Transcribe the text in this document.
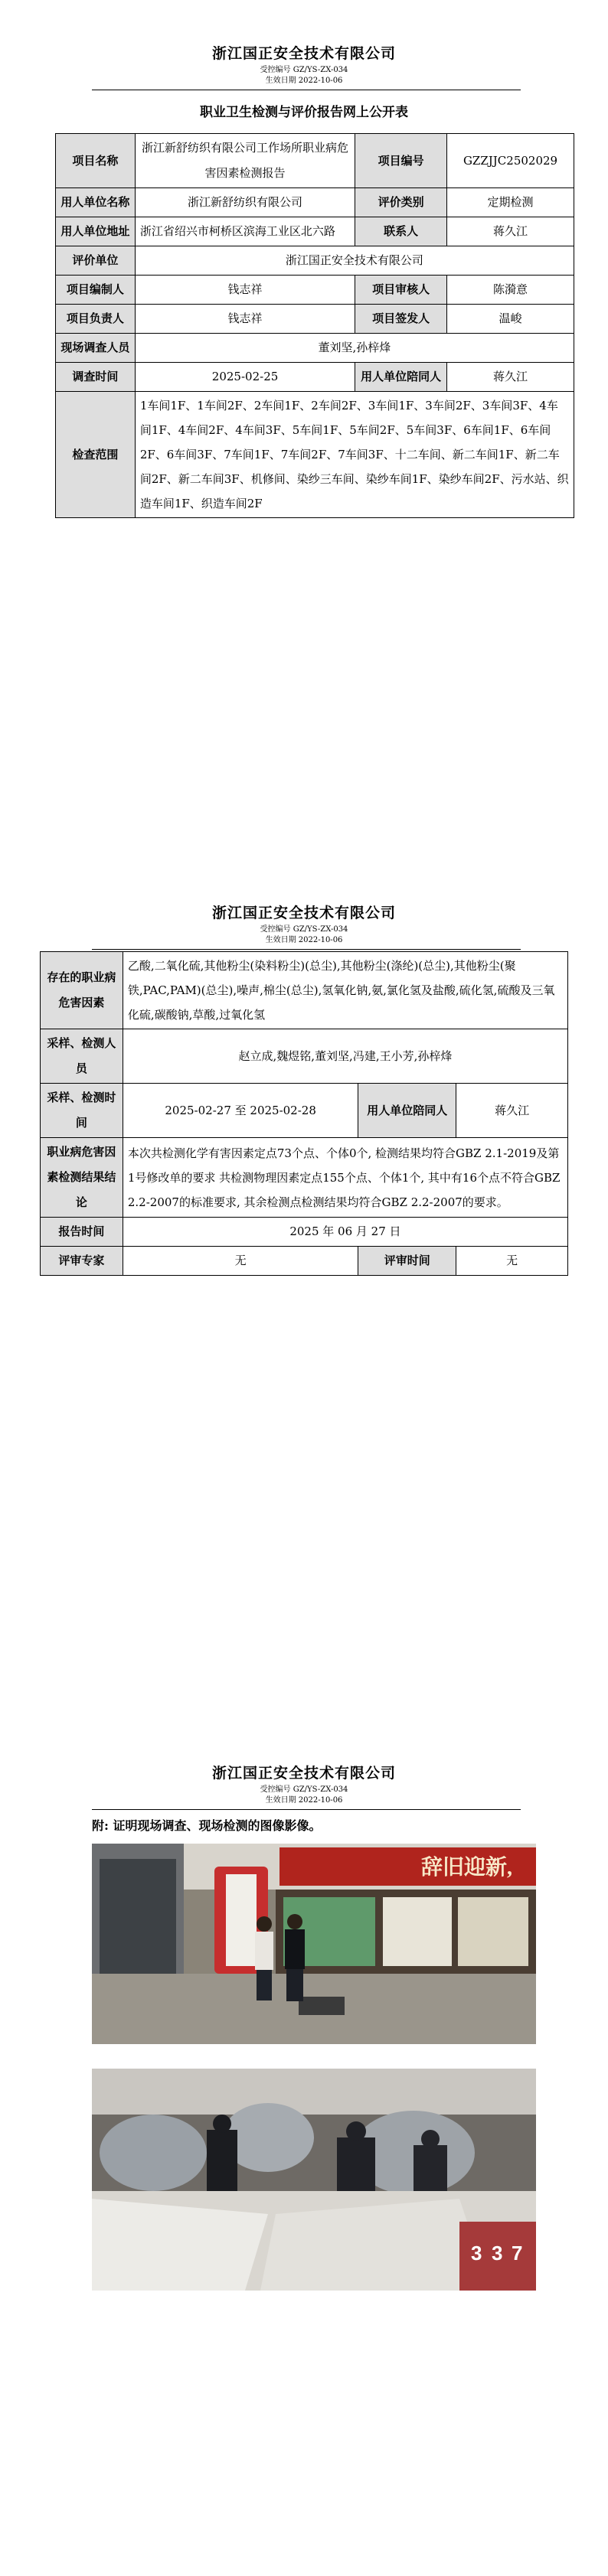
浙江国正安全技术有限公司
受控编号 GZ/YS-ZX-034
生效日期 2022-10-06
职业卫生检测与评价报告网上公开表
项目名称	浙江新舒纺织有限公司工作场所职业病危害因素检测报告	项目编号	GZZJJC2502029
用人单位名称	浙江新舒纺织有限公司	评价类别	定期检测
用人单位地址	浙江省绍兴市柯桥区滨海工业区北六路	联系人	蒋久江
评价单位	浙江国正安全技术有限公司		
项目编制人	钱志祥	项目审核人	陈漪意
项目负责人	钱志祥	项目签发人	温峻
现场调查人员	董刘坚,孙梓烽		
调查时间	2025-02-25	用人单位陪同人	蒋久江
检查范围	1车间1F、1车间2F、2车间1F、2车间2F、3车间1F、3车间2F、3车间3F、4车间1F、4车间2F、4车间3F、5车间1F、5车间2F、5车间3F、6车间1F、6车间2F、6车间3F、7车间1F、7车间2F、7车间3F、十二车间、新二车间1F、新二车间2F、新二车间3F、机修间、染纱三车间、染纱车间1F、染纱车间2F、污水站、织造车间1F、织造车间2F		
浙江国正安全技术有限公司
受控编号 GZ/YS-ZX-034
生效日期 2022-10-06
存在的职业病危害因素	乙酸,二氧化硫,其他粉尘(染料粉尘)(总尘),其他粉尘(涤纶)(总尘),其他粉尘(聚铁,PAC,PAM)(总尘),噪声,棉尘(总尘),氢氧化钠,氨,氯化氢及盐酸,硫化氢,硫酸及三氧化硫,碳酸钠,草酸,过氧化氢		
采样、检测人员	赵立成,魏煜铭,董刘坚,冯建,王小芳,孙梓烽		
采样、检测时间	2025-02-27 至 2025-02-28	用人单位陪同人	蒋久江
职业病危害因素检测结果结论	本次共检测化学有害因素定点73个点、个体0个, 检测结果均符合GBZ 2.1-2019及第1号修改单的要求 共检测物理因素定点155个点、个体1个, 其中有16个点不符合GBZ 2.2-2007的标准要求, 其余检测点检测结果均符合GBZ 2.2-2007的要求。		
报告时间	2025 年 06 月 27 日		
评审专家	无	评审时间	无
浙江国正安全技术有限公司
受控编号 GZ/YS-ZX-034
生效日期 2022-10-06
附: 证明现场调查、现场检测的图像影像。
辞旧迎新,
3 3 7
